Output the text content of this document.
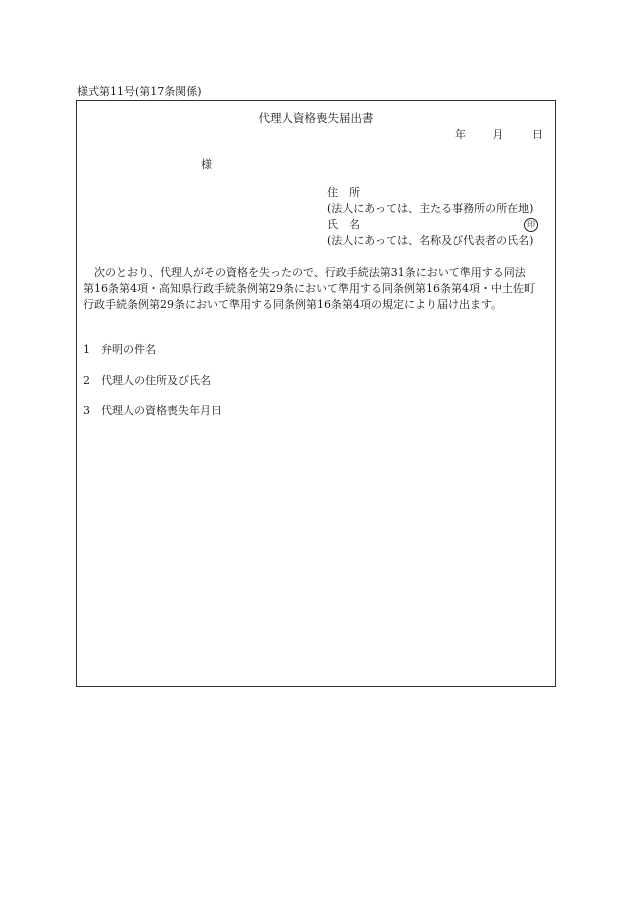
様式第11号(第17条関係)
代理人資格喪失届出書
年 月	日
様
住　所
(法人にあっては、主たる事務所の所在地)
氏　名	印
(法人にあっては、名称及び代表者の氏名)
　次のとおり、代理人がその資格を失ったので、行政手続法第31条において準用する同法
第16条第4項・高知県行政手続条例第29条において準用する同条例第16条第4項・中土佐町
行政手続条例第29条において準用する同条例第16条第4項の規定により届け出ます。
1 弁明の件名
2 代理人の住所及び氏名
3 代理人の資格喪失年月日
